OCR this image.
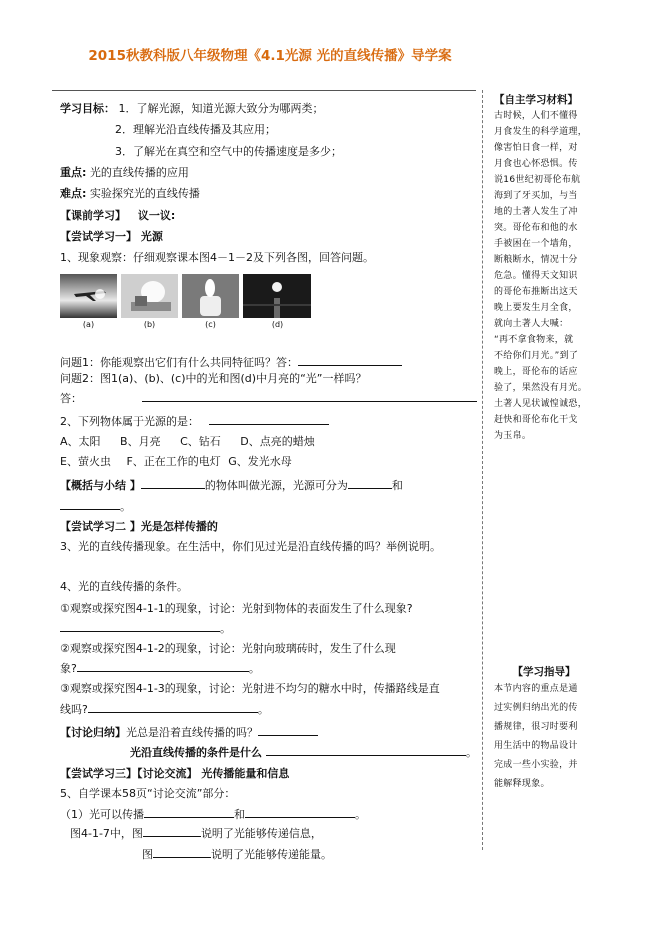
2015秋教科版八年级物理《4.1光源 光的直线传播》导学案
学习目标： 1．了解光源，知道光源大致分为哪两类；
2．理解光沿直线传播及其应用；
3．了解光在真空和空气中的传播速度是多少；
重点: 光的直线传播的应用
难点: 实验探究光的直线传播
【课前学习】 议一议:
【尝试学习一】 光源
1、现象观察：仔细观察课本图4－1－2及下列各图，回答问题。
(a)	(b)	(c)	(d)
问题1：你能观察出它们有什么共同特征吗？答：
问题2：图1(a)、(b)、(c)中的光和图(d)中月亮的“光”一样吗？
答：
2、下列物体属于光源的是：
A、太阳 B、月亮 C、钻石 D、点亮的蜡烛
E、萤火虫 F、正在工作的电灯 G、发光水母
【概括与小结 】	的物体叫做光源，光源可分为	和
。
【尝试学习二 】光是怎样传播的
3、光的直线传播现象。在生活中，你们见过光是沿直线传播的吗？举例说明。
4、光的直线传播的条件。
①观察或探究图4-1-1的现象，讨论：光射到物体的表面发生了什么现象?
。
②观察或探究图4-1-2的现象，讨论：光射向玻璃砖时，发生了什么现
象?	。
③观察或探究图4-1-3的现象，讨论：光射进不均匀的糖水中时，传播路线是直
线吗?	。
【讨论归纳】光总是沿着直线传播的吗？
光沿直线传播的条件是什么	。
【尝试学习三】【讨论交流】 光传播能量和信息
5、自学课本58页“讨论交流”部分：
（1）光可以传播	和	。
图4-1-7中，图	说明了光能够传递信息，
图	说明了光能够传递能量。
【自主学习材料】
古时候，人们不懂得
月食发生的科学道理，
像害怕日食一样，对
月食也心怀恐惧。传
说16世纪初哥伦布航
海到了牙买加，与当
地的土著人发生了冲
突。哥伦布和他的水
手被困在一个墙角，
断粮断水，情况十分
危急。懂得天文知识
的哥伦布推断出这天
晚上要发生月全食，
就向土著人大喊：
“再不拿食物来，就
不给你们月光。”到了
晚上，哥伦布的话应
验了，果然没有月光。
土著人见状诚惶诚恐，
赶快和哥伦布化干戈
为玉帛。
【学习指导】
本节内容的重点是通
过实例归纳出光的传
播规律，很习时要利
用生活中的物品设计
完成一些小实验，并
能解释现象。
